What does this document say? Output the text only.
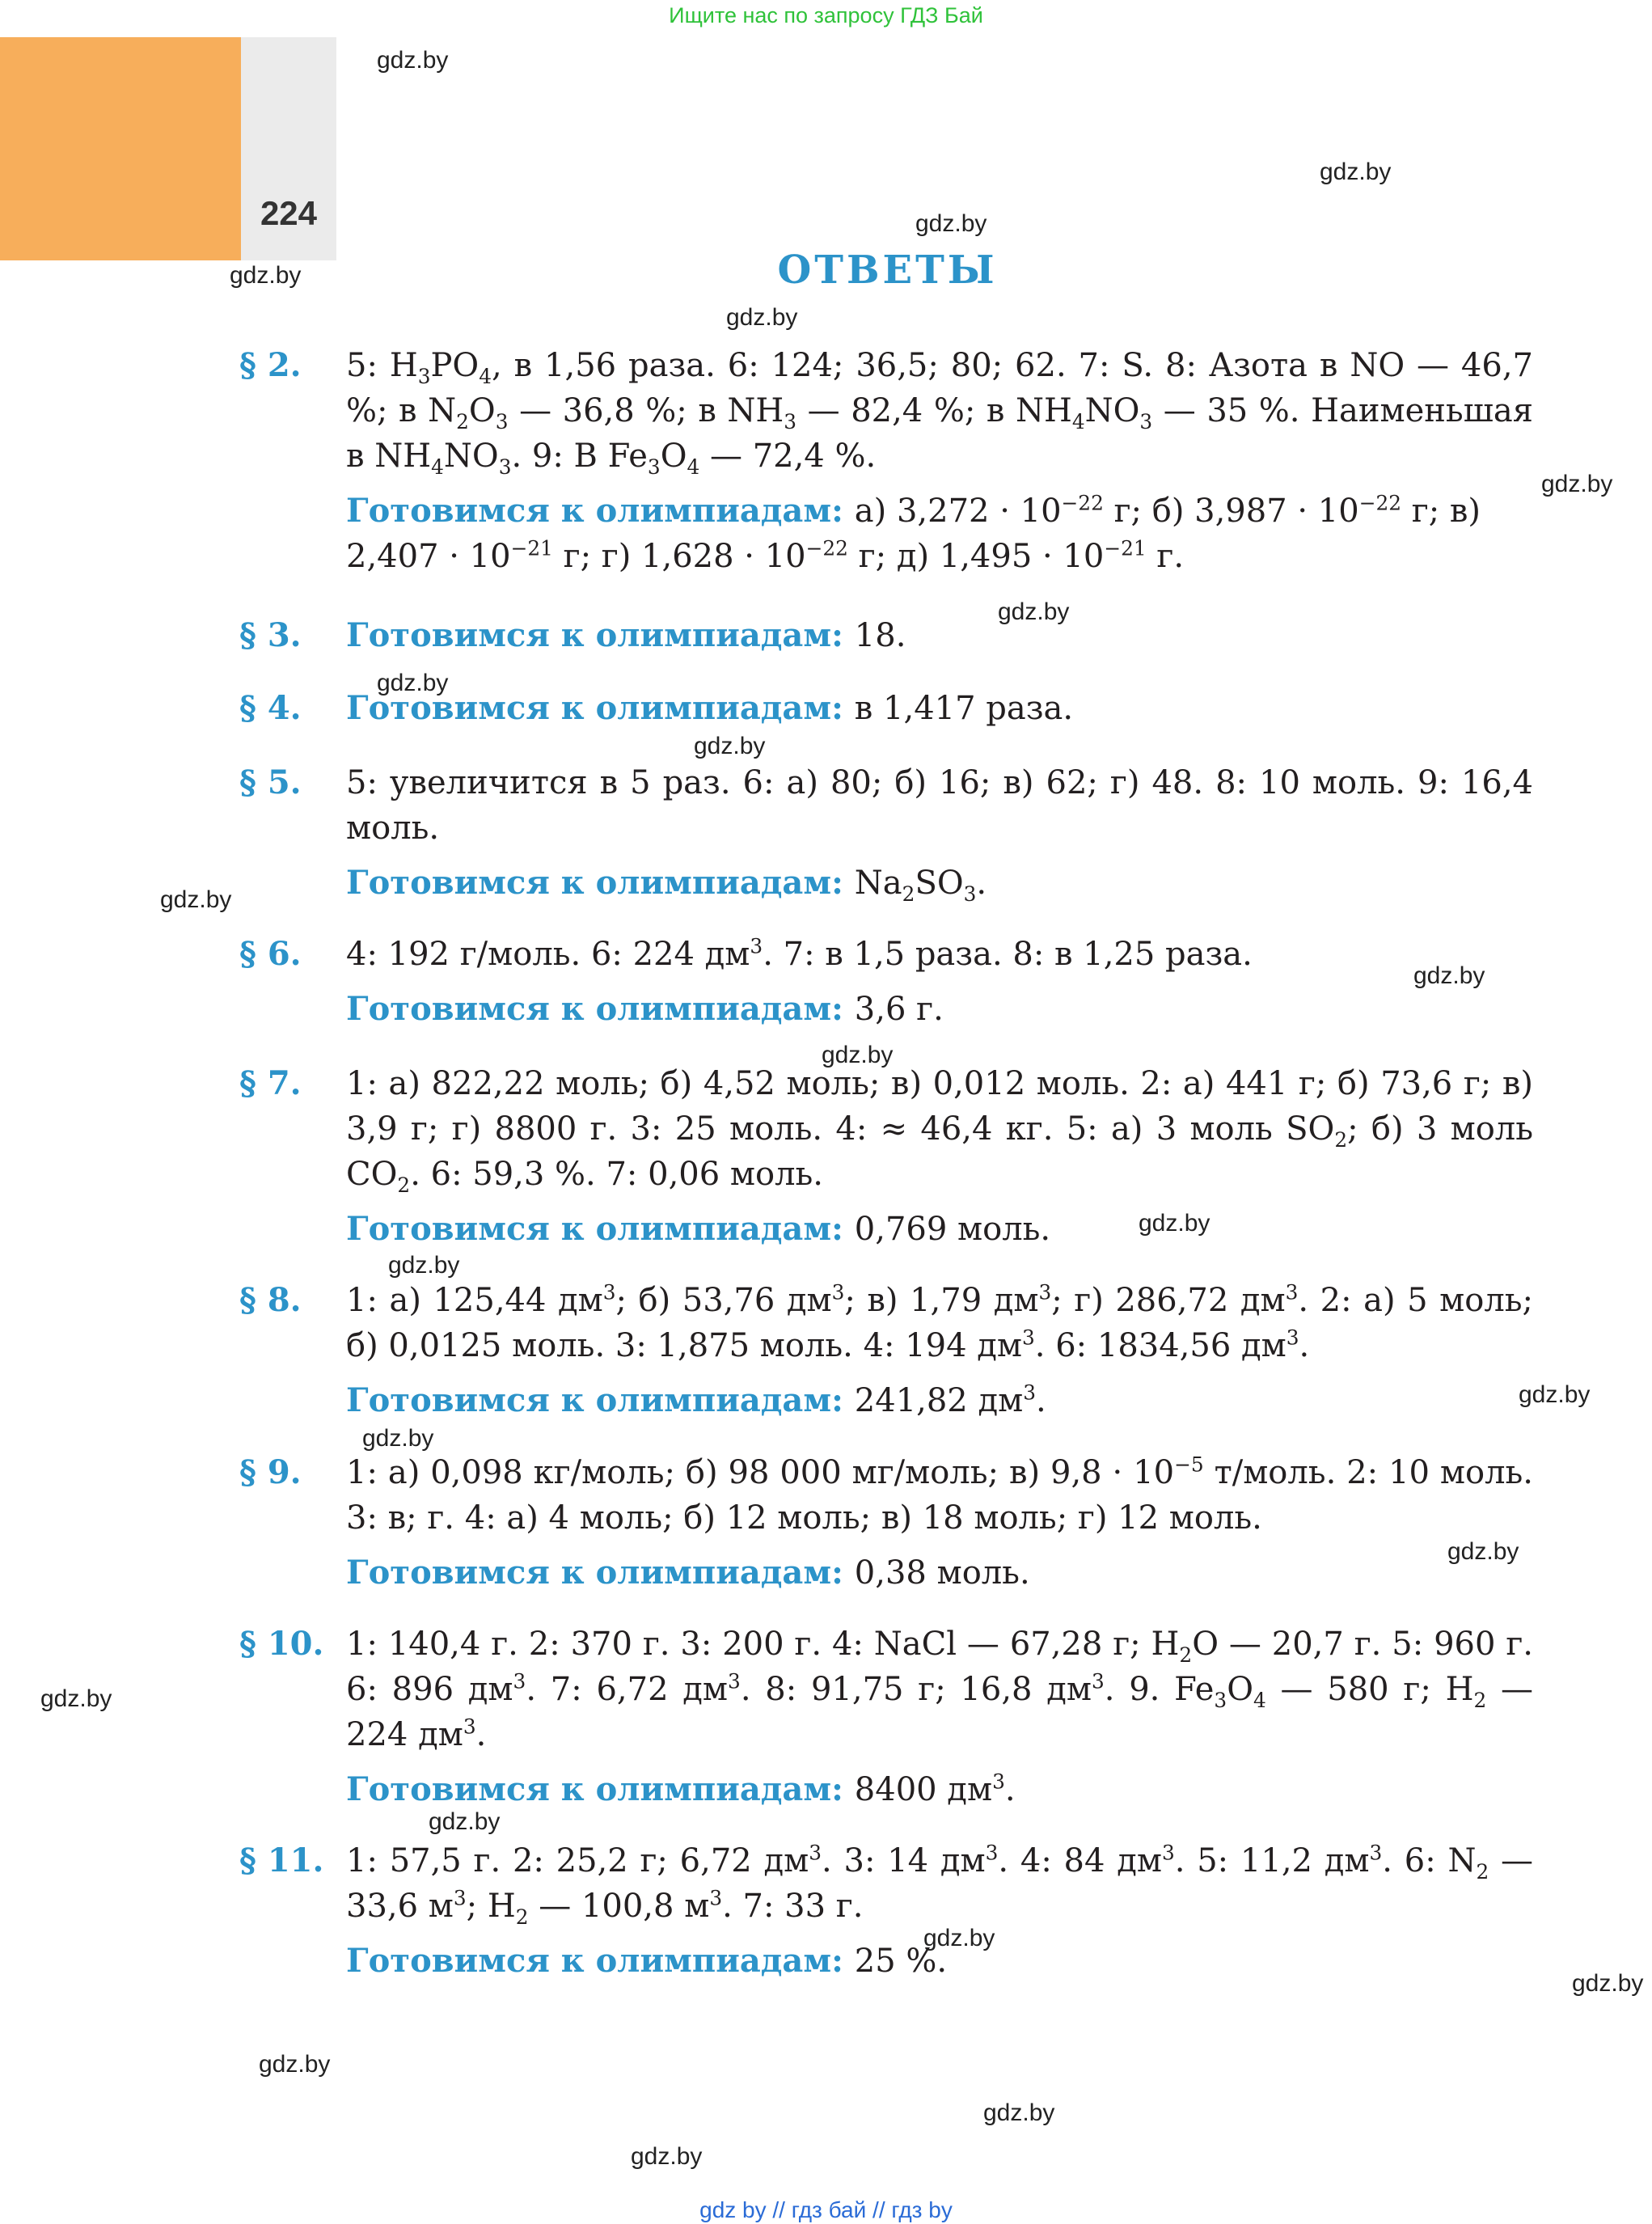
Ищите нас по запросу ГДЗ Бай
224
ОТВЕТЫ
gdz.by
gdz.by
gdz.by
gdz.by
gdz.by
gdz.by
gdz.by
gdz.by
gdz.by
gdz.by
gdz.by
gdz.by
gdz.by
gdz.by
gdz.by
gdz.by
gdz.by
gdz.by
gdz.by
gdz.by
gdz.by
gdz.by
gdz.by
gdz.by
§ 2. 5: $H_3PO_4$, в 1,56 раза. 6: 124; 36,5; 80; 62. 7: S. 8: Азота в NO — 46,7 %; в $N_2O_3$ — 36,8 %; в $NH_3$ — 82,4 %; в $NH_4NO_3$ — 35 %. Наименьшая в $NH_4NO_3$. 9: В $Fe_3O_4$ — 72,4 %.

Готовимся к олимпиадам: а) $3,272 \cdot 10^{-22}$ г; б) $3,987 \cdot 10^{-22}$ г; в) $2,407 \cdot 10^{-21}$ г; г) $1,628 \cdot 10^{-22}$ г; д) $1,495 \cdot 10^{-21}$ г.

§ 3. Готовимся к олимпиадам: 18.

§ 4. Готовимся к олимпиадам: в 1,417 раза.

§ 5. 5: увеличится в 5 раз. 6: а) 80; б) 16; в) 62; г) 48. 8: 10 моль. 9: 16,4 моль.

Готовимся к олимпиадам: $Na_2SO_3$.

§ 6. 4: 192 г/моль. 6: 224 $дм^3$. 7: в 1,5 раза. 8: в 1,25 раза.

Готовимся к олимпиадам: 3,6 г.

§ 7. 1: а) 822,22 моль; б) 4,52 моль; в) 0,012 моль. 2: а) 441 г; б) 73,6 г; в) 3,9 г; г) 8800 г. 3: 25 моль. 4: ≈ 46,4 кг. 5: а) 3 моль $SO_2$; б) 3 моль $CO_2$. 6: 59,3 %. 7: 0,06 моль.

Готовимся к олимпиадам: 0,769 моль.

§ 8. 1: а) 125,44 $дм^3$; б) 53,76 $дм^3$; в) 1,79 $дм^3$; г) 286,72 $дм^3$. 2: а) 5 моль; б) 0,0125 моль. 3: 1,875 моль. 4: 194 $дм^3$. 6: 1834,56 $дм^3$.

Готовимся к олимпиадам: 241,82 $дм^3$.

§ 9. 1: а) 0,098 кг/моль; б) 98 000 мг/моль; в) $9,8 \cdot 10^{-5}$ т/моль. 2: 10 моль. 3: в; г. 4: а) 4 моль; б) 12 моль; в) 18 моль; г) 12 моль.

Готовимся к олимпиадам: 0,38 моль.

§ 10. 1: 140,4 г. 2: 370 г. 3: 200 г. 4: NaCl — 67,28 г; $H_2O$ — 20,7 г. 5: 960 г. 6: 896 $дм^3$. 7: 6,72 $дм^3$. 8: 91,75 г; 16,8 $дм^3$. 9. $Fe_3O_4$ — 580 г; $H_2$ — 224 $дм^3$.

Готовимся к олимпиадам: 8400 $дм^3$.

§ 11. 1: 57,5 г. 2: 25,2 г; 6,72 $дм^3$. 3: 14 $дм^3$. 4: 84 $дм^3$. 5: 11,2 $дм^3$. 6: $N_2$ — 33,6 $м^3$; $H_2$ — 100,8 $м^3$. 7: 33 г.

Готовимся к олимпиадам: 25 %.

gdz by // гдз бай // гдз by
